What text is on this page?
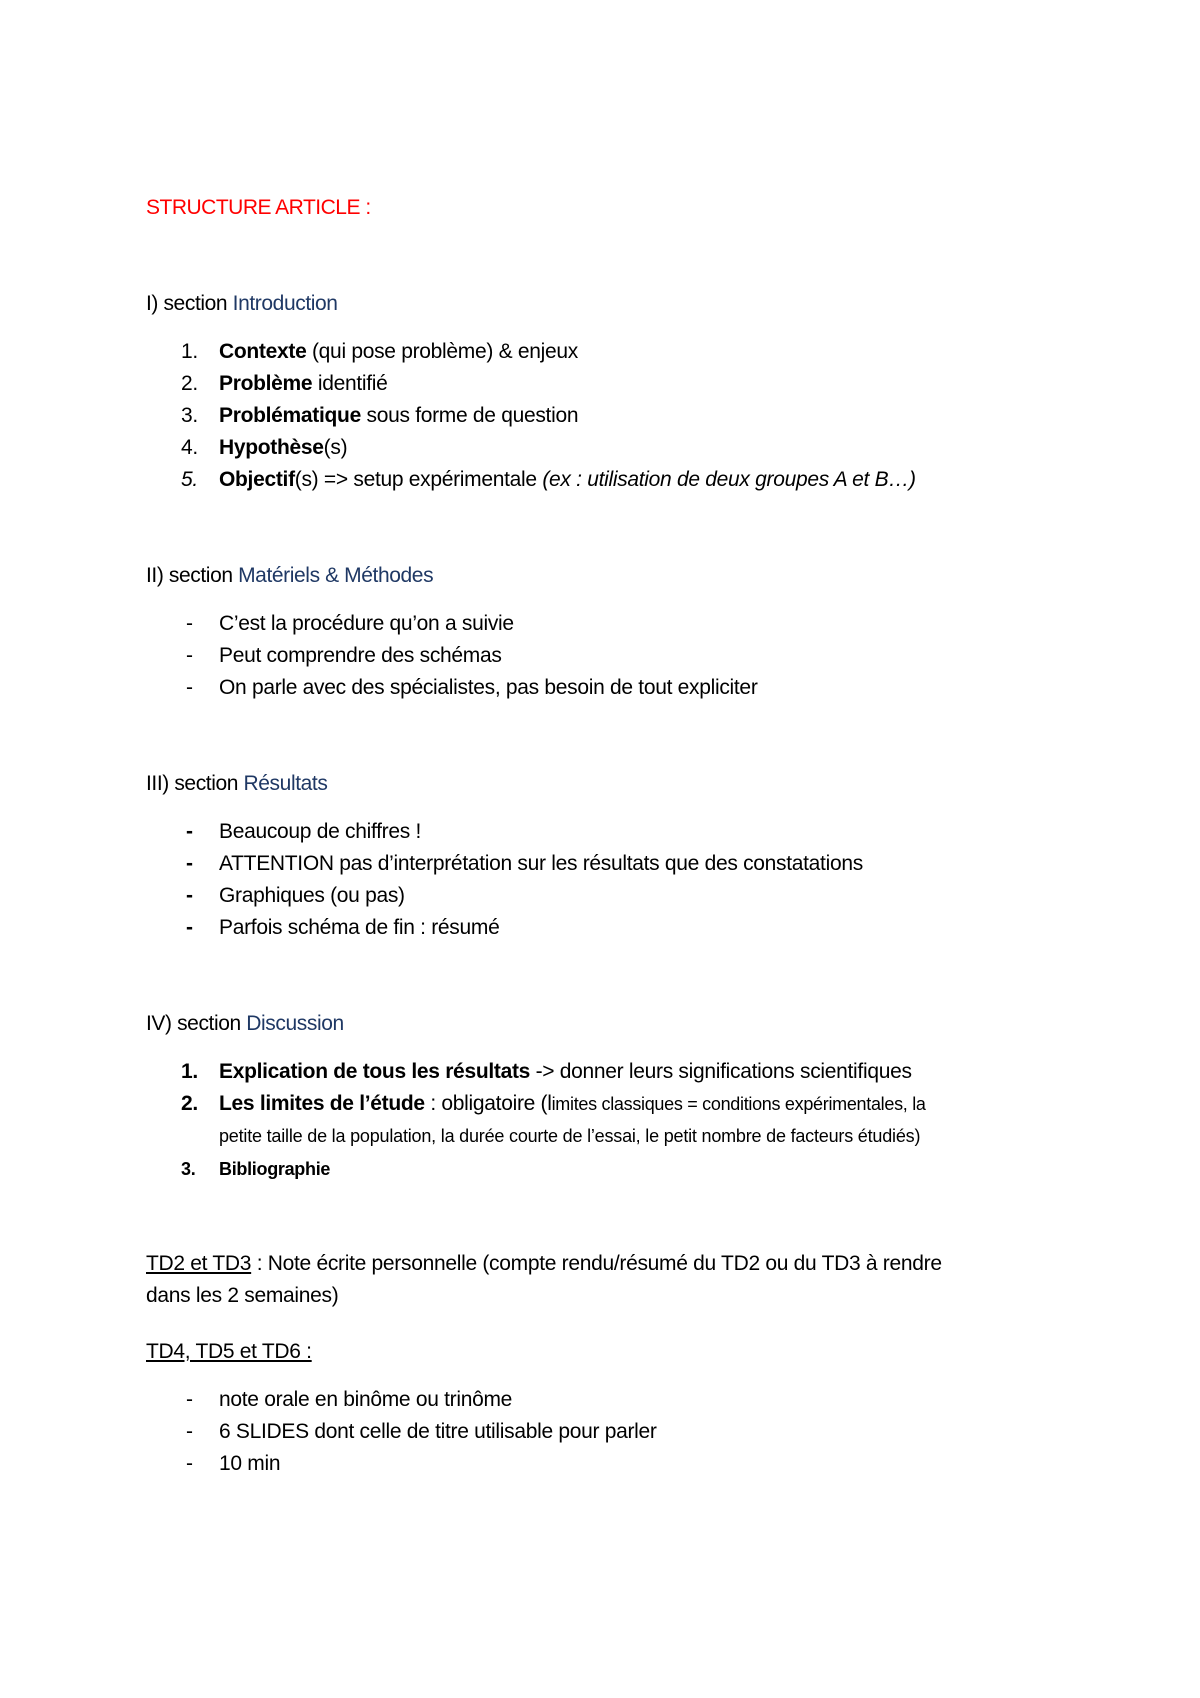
STRUCTURE ARTICLE :
I) section Introduction
1.	Contexte (qui pose problème) & enjeux
2.	Problème identifié
3.	Problématique sous forme de question
4.	Hypothèse(s)
5.	Objectif(s) => setup expérimentale (ex : utilisation de deux groupes A et B…)
II) section Matériels & Méthodes
- C’est la procédure qu’on a suivie
- Peut comprendre des schémas
- On parle avec des spécialistes, pas besoin de tout expliciter
III) section Résultats
- Beaucoup de chiffres !
- ATTENTION pas d’interprétation sur les résultats que des constatations
- Graphiques (ou pas)
- Parfois schéma de fin : résumé
IV) section Discussion
1.	Explication de tous les résultats -> donner leurs significations scientifiques
2.	Les limites de l’étude : obligatoire (limites classiques = conditions expérimentales, la
petite taille de la population, la durée courte de l’essai, le petit nombre de facteurs étudiés)
3.	Bibliographie
TD2 et TD3 : Note écrite personnelle (compte rendu/résumé du TD2 ou du TD3 à rendre
dans les 2 semaines)
TD4, TD5 et TD6 :
- note orale en binôme ou trinôme
- 6 SLIDES dont celle de titre utilisable pour parler
- 10 min
